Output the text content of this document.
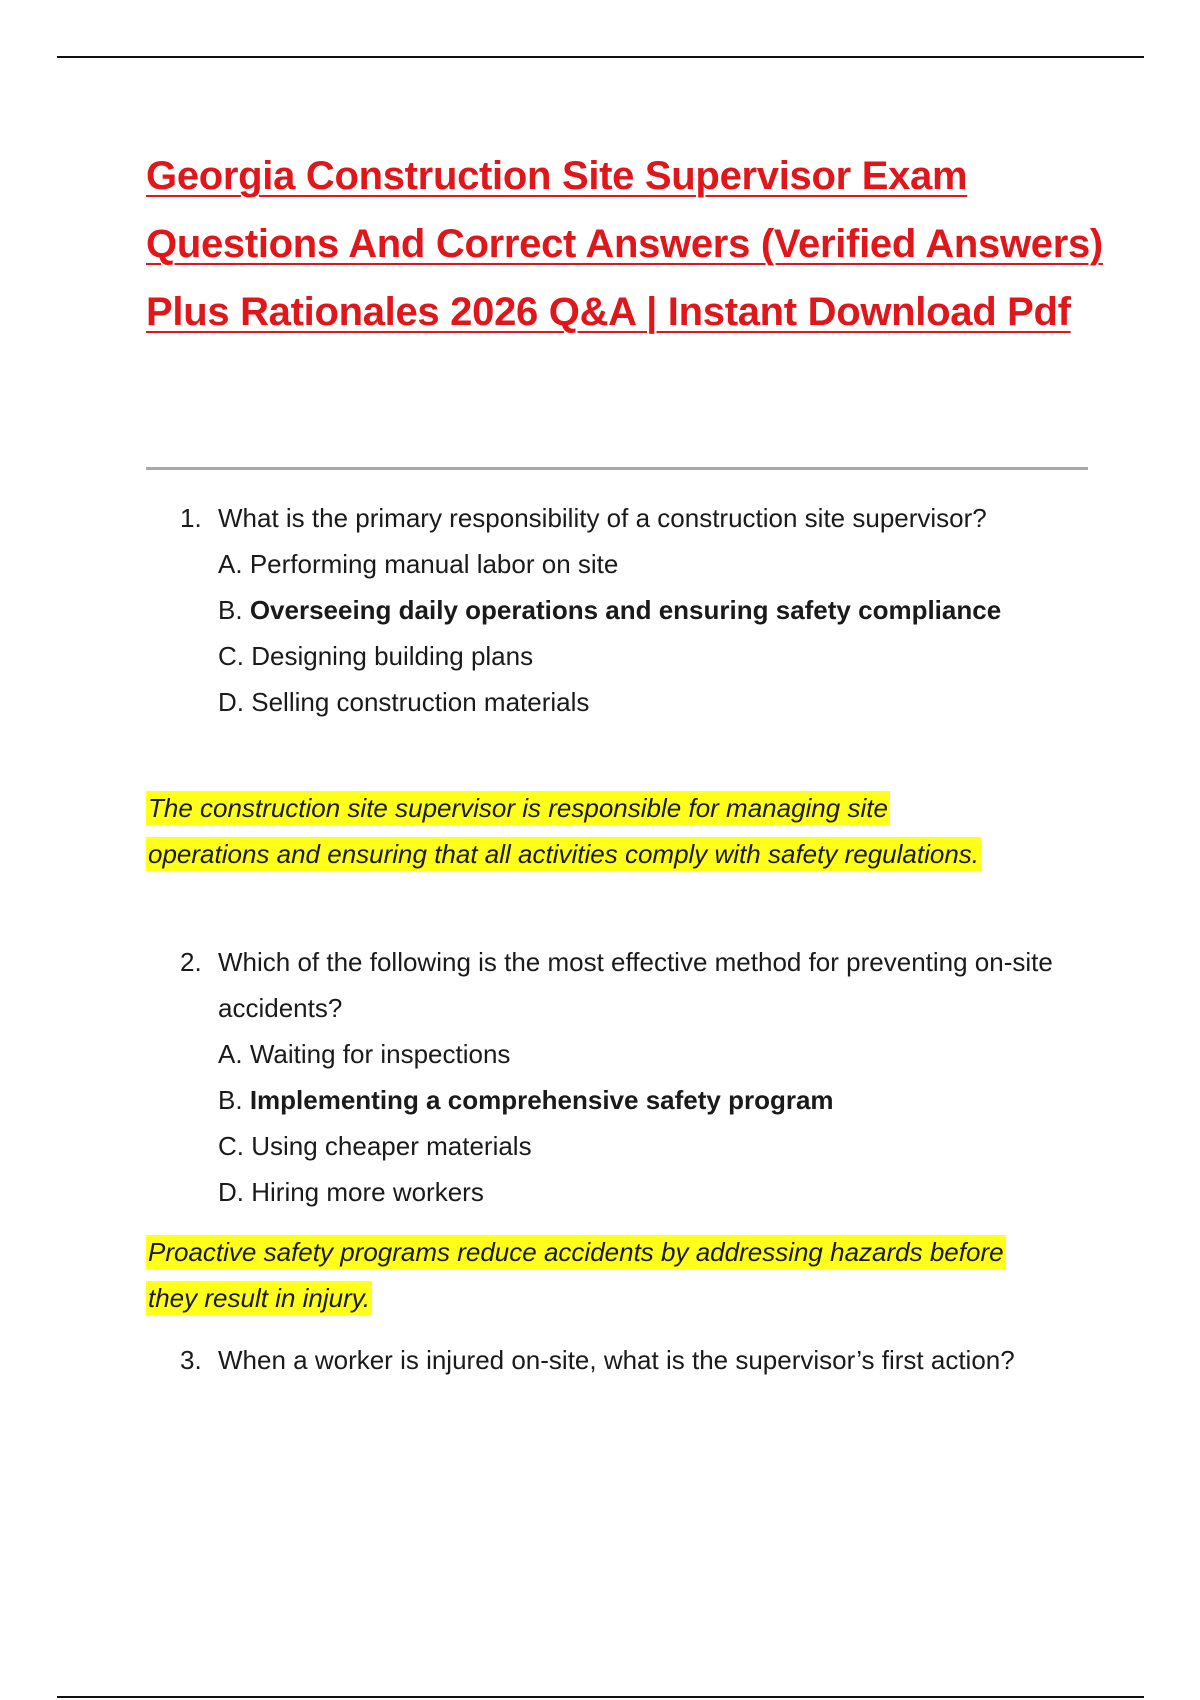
Georgia Construction Site Supervisor Exam Questions And Correct Answers (Verified Answers) Plus Rationales 2026 Q&A | Instant Download Pdf
1. What is the primary responsibility of a construction site supervisor?
A. Performing manual labor on site
B. Overseeing daily operations and ensuring safety compliance
C. Designing building plans
D. Selling construction materials
The construction site supervisor is responsible for managing site operations and ensuring that all activities comply with safety regulations.
2. Which of the following is the most effective method for preventing on-site accidents?
A. Waiting for inspections
B. Implementing a comprehensive safety program
C. Using cheaper materials
D. Hiring more workers
Proactive safety programs reduce accidents by addressing hazards before they result in injury.
3. When a worker is injured on-site, what is the supervisor’s first action?
